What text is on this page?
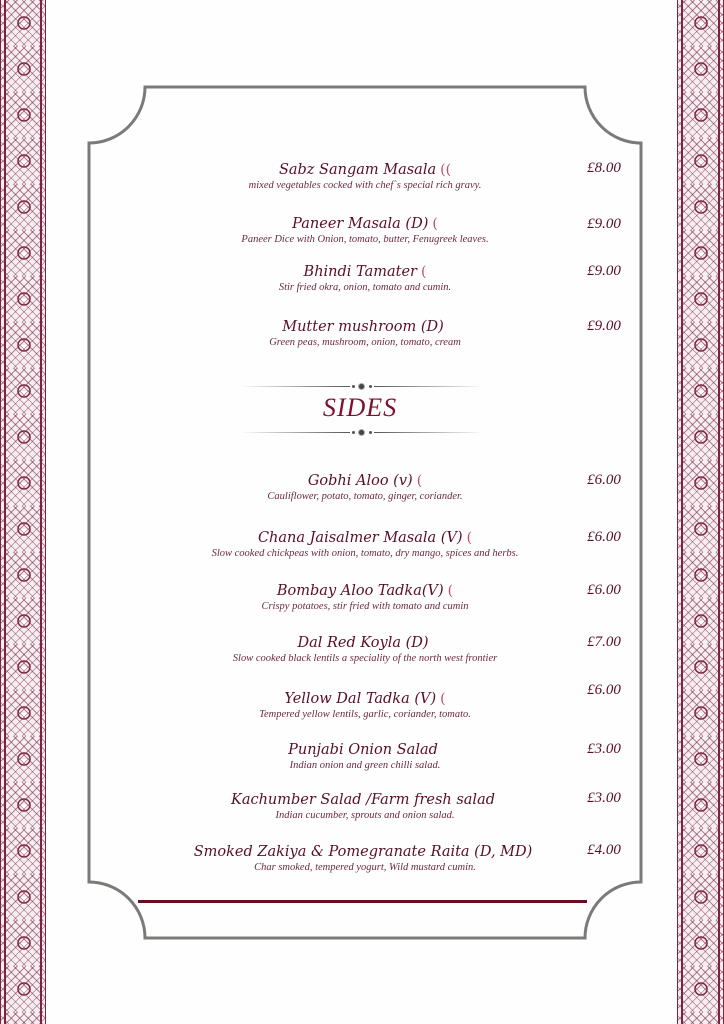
Sabz Sangam Masala ((
mixed vegetables cocked with chef`s special rich gravy.
£8.00
Paneer Masala (D) (
Paneer Dice with Onion, tomato, butter, Fenugreek leaves.
£9.00
Bhindi Tamater (
Stir fried okra, onion, tomato and cumin.
£9.00
Mutter mushroom (D)
Green peas, mushroom, onion, tomato, cream
£9.00
SIDES
Gobhi Aloo (v) (
Cauliflower, potato, tomato, ginger, coriander.
£6.00
Chana Jaisalmer Masala (V) (
Slow cooked chickpeas with onion, tomato, dry mango, spices and herbs.
£6.00
Bombay Aloo Tadka(V) (
Crispy potatoes, stir fried with tomato and cumin
£6.00
Dal Red Koyla (D)
Slow cooked black lentils a speciality of the north west frontier
£7.00
Yellow Dal Tadka (V) (
Tempered yellow lentils, garlic, coriander, tomato.
£6.00
Punjabi Onion Salad
Indian onion and green chilli salad.
£3.00
Kachumber Salad /Farm fresh salad
Indian cucumber, sprouts and onion salad.
£3.00
Smoked Zakiya & Pomegranate Raita (D, MD)
Char smoked, tempered yogurt, Wild mustard cumin.
£4.00
